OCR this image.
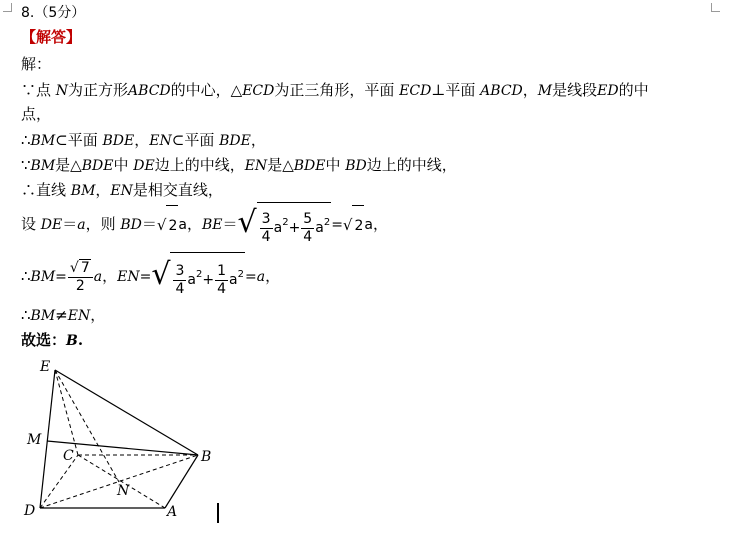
8.（5分）
【解答】
解：
∵点 N为正方形ABCD的中心，△ECD为正三角形，平面 ECD⊥平面 ABCD，M是线段ED的中
点，
∴BM⊂平面 BDE，EN⊂平面 BDE，
∵BM是△BDE中 DE边上的中线，EN是△BDE中 BD边上的中线，
∴直线 BM，EN是相交直线，
设 DE＝a，则 BD＝√ 2a，$BE=√ \frac{3}{4} a^2+ \frac{5}{4} a^2=√$ 2a，
∴BM= $\frac{√ 7}{2}$ a，$EN=√ \frac{3}{4} a^2+ \frac{1}{4} a^2=a$，
∴BM≠EN，
故选：B.
E
M
C	B
N
D	A
